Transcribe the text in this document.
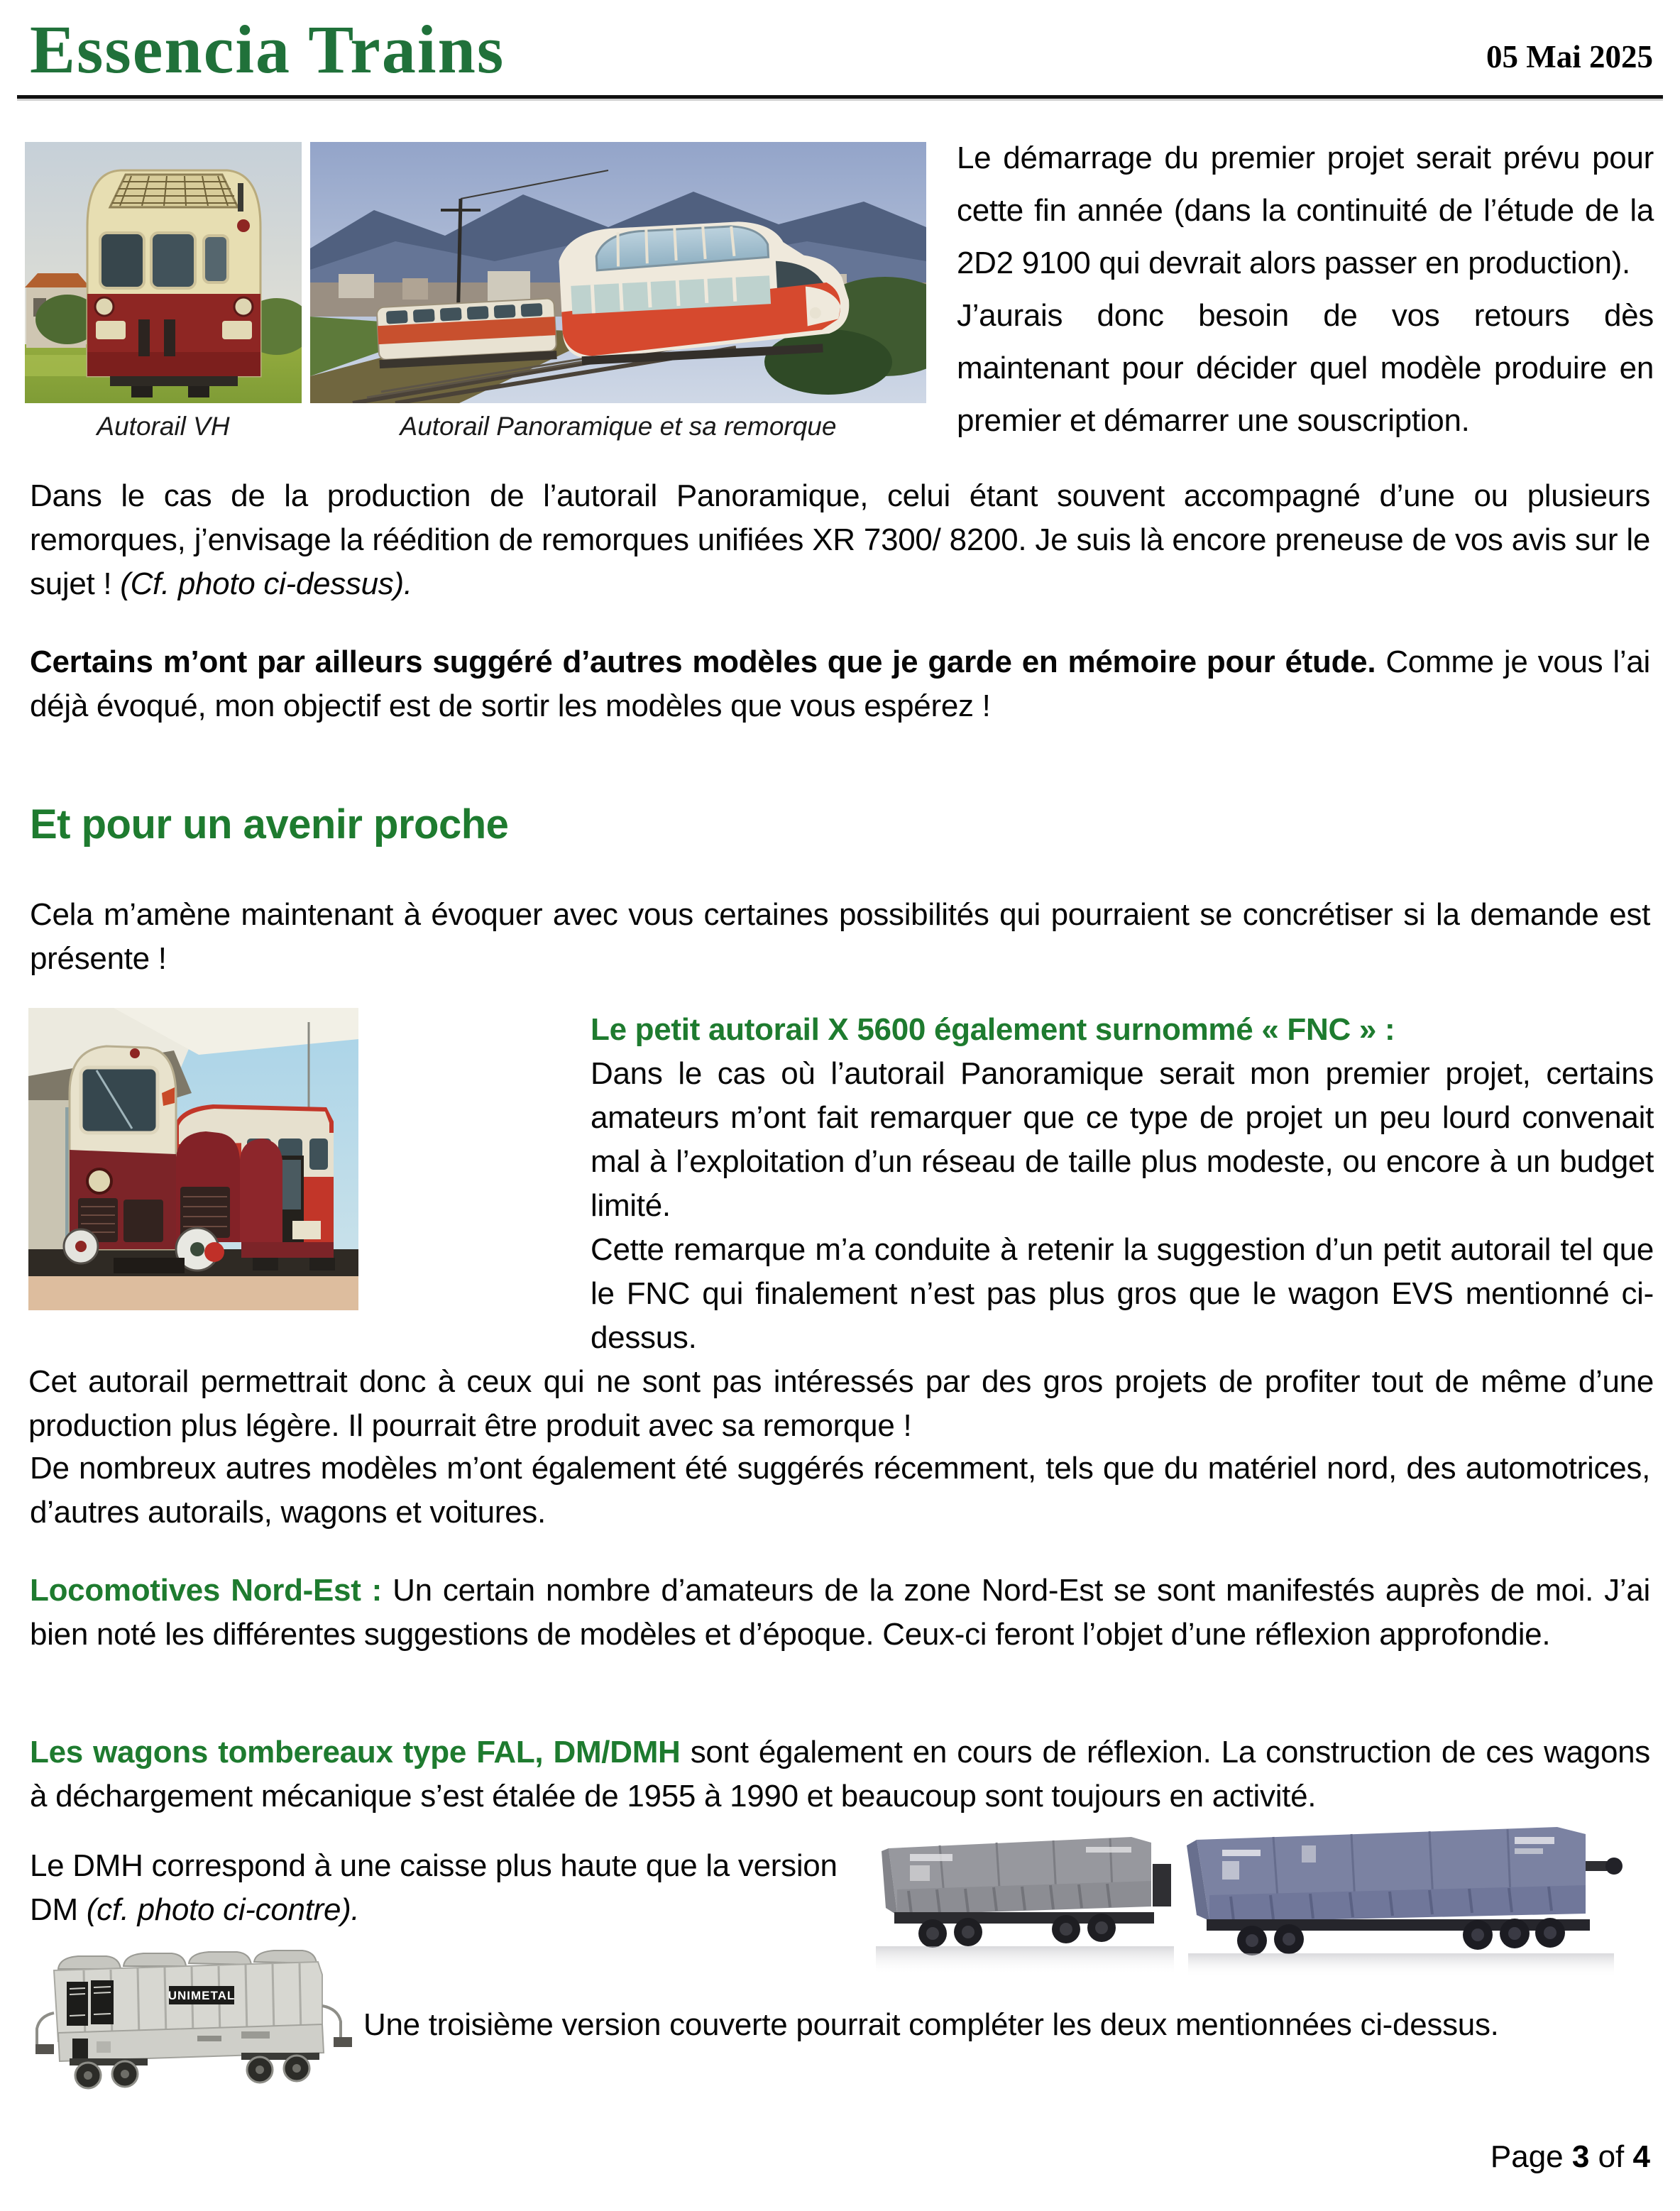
Essencia Trains	05 Mai 2025
Autorail VH	Autorail Panoramique et sa remorque

Le démarrage du premier projet serait prévu pour cette fin année (dans la continuité de l’étude de la 2D2 9100 qui devrait alors passer en production).

J’aurais donc besoin de vos retours dès maintenant pour décider quel modèle produire en premier et démarrer une souscription.

Dans le cas de la production de l’autorail Panoramique, celui étant souvent accompagné d’une ou plusieurs remorques, j’envisage la réédition de remorques unifiées XR 7300/ 8200. Je suis là encore preneuse de vos avis sur le sujet ! (Cf. photo ci-dessus).

Certains m’ont par ailleurs suggéré d’autres modèles que je garde en mémoire pour étude. Comme je vous l’ai déjà évoqué, mon objectif est de sortir les modèles que vous espérez !

Et pour un avenir proche

Cela m’amène maintenant à évoquer avec vous certaines possibilités qui pourraient se concrétiser si la demande est présente !

Le petit autorail X 5600 également surnommé « FNC » :

Dans le cas où l’autorail Panoramique serait mon premier projet, certains amateurs m’ont fait remarquer que ce type de projet un peu lourd convenait mal à l’exploitation d’un réseau de taille plus modeste, ou encore à un budget limité.

Cette remarque m’a conduite à retenir la suggestion d’un petit autorail tel que le FNC qui finalement n’est pas plus gros que le wagon EVS mentionné ci-dessus.

Cet autorail permettrait donc à ceux qui ne sont pas intéressés par des gros projets de profiter tout de même d’une production plus légère. Il pourrait être produit avec sa remorque !

De nombreux autres modèles m’ont également été suggérés récemment, tels que du matériel nord, des automotrices, d’autres autorails, wagons et voitures.

Locomotives Nord-Est : Un certain nombre d’amateurs de la zone Nord-Est se sont manifestés auprès de moi. J’ai bien noté les différentes suggestions de modèles et d’époque. Ceux-ci feront l’objet d’une réflexion approfondie.

Les wagons tombereaux type FAL, DM/DMH sont également en cours de réflexion. La construction de ces wagons à déchargement mécanique s’est étalée de 1955 à 1990 et beaucoup sont toujours en activité.

Le DMH correspond à une caisse plus haute que la version DM (cf. photo ci-contre).

UNIMETAL

Une troisième version couverte pourrait compléter les deux mentionnées ci-dessus.

Page 3 of 4
